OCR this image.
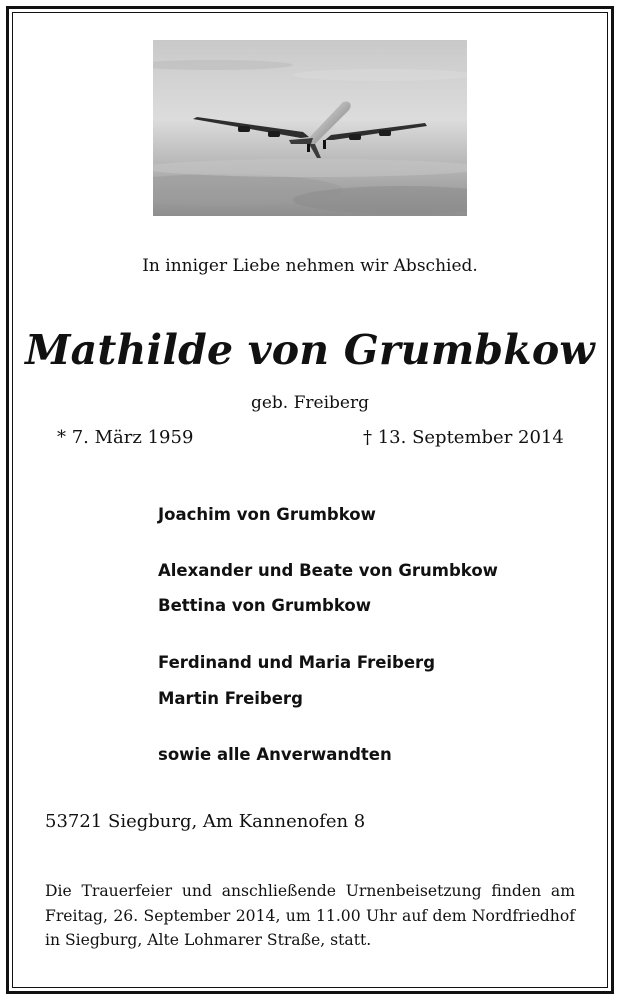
In inniger Liebe nehmen wir Abschied.
Mathilde von Grumbkow
geb. Freiberg
* 7. März 1959	† 13. September 2014
Joachim von Grumbkow
Alexander und Beate von Grumbkow
Bettina von Grumbkow
Ferdinand und Maria Freiberg
Martin Freiberg
sowie alle Anverwandten
53721 Siegburg, Am Kannenofen 8
Die Trauerfeier und anschließende Urnenbeisetzung finden am Freitag, 26. September 2014, um 11.00 Uhr auf dem Nordfriedhof in Siegburg, Alte Lohmarer Straße, statt.
